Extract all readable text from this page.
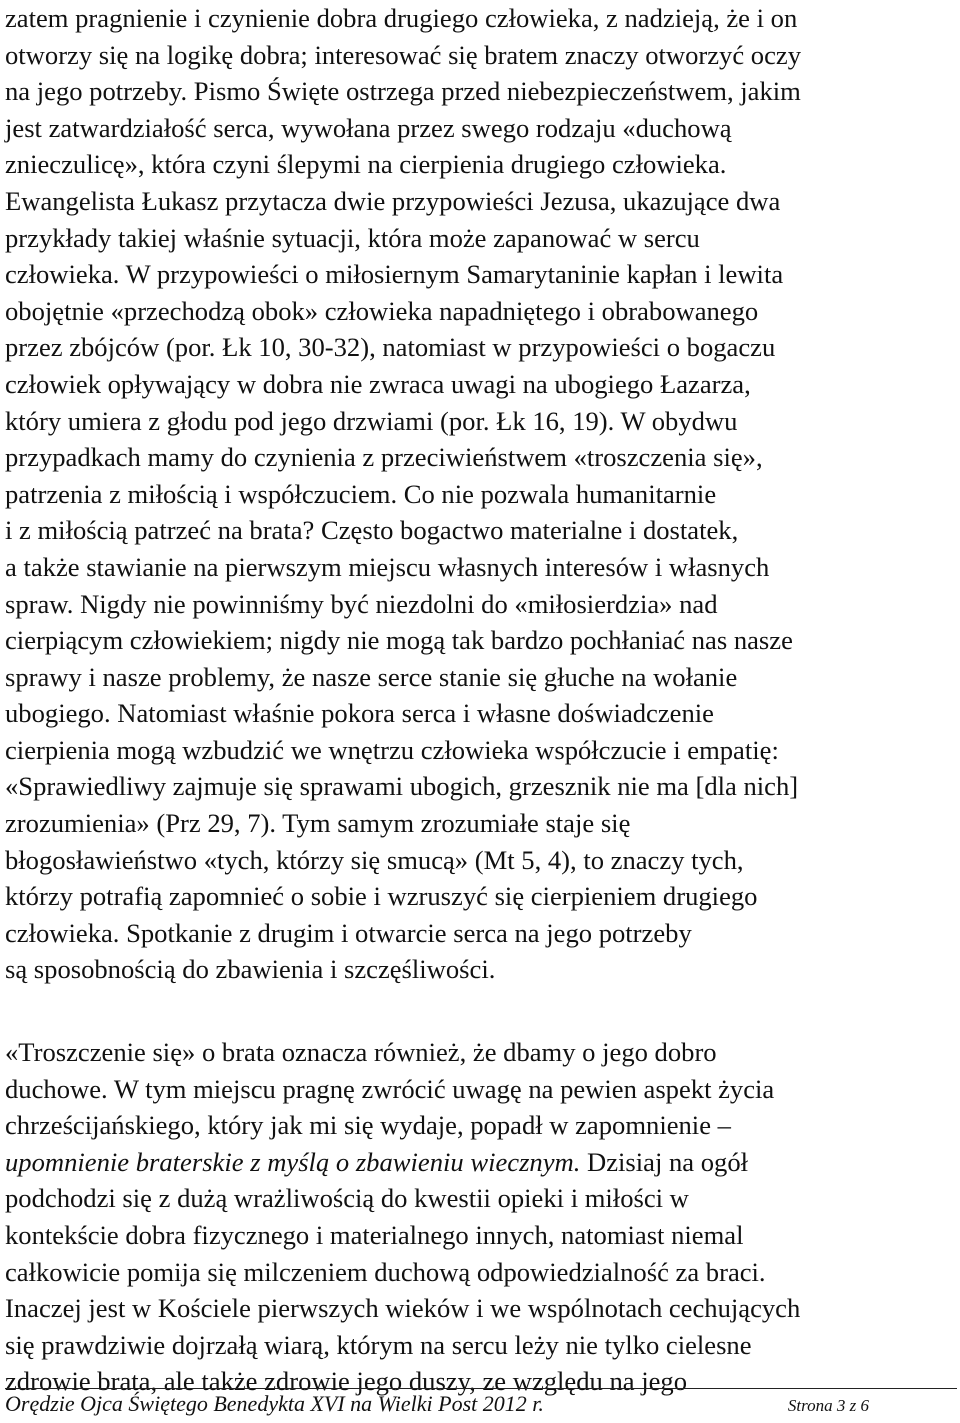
zatem pragnienie i czynienie dobra drugiego człowieka, z nadzieją, że i on
otworzy się na logikę dobra; interesować się bratem znaczy otworzyć oczy
na jego potrzeby. Pismo Święte ostrzega przed niebezpieczeństwem, jakim
jest zatwardziałość serca, wywołana przez swego rodzaju «duchową
znieczulicę», która czyni ślepymi na cierpienia drugiego człowieka.
Ewangelista Łukasz przytacza dwie przypowieści Jezusa, ukazujące dwa
przykłady takiej właśnie sytuacji, która może zapanować w sercu
człowieka. W przypowieści o miłosiernym Samarytaninie kapłan i lewita
obojętnie «przechodzą obok» człowieka napadniętego i obrabowanego
przez zbójców (por. Łk 10, 30-32), natomiast w przypowieści o bogaczu
człowiek opływający w dobra nie zwraca uwagi na ubogiego Łazarza,
który umiera z głodu pod jego drzwiami (por. Łk 16, 19). W obydwu
przypadkach mamy do czynienia z przeciwieństwem «troszczenia się»,
patrzenia z miłością i współczuciem. Co nie pozwala humanitarnie
i z miłością patrzeć na brata? Często bogactwo materialne i dostatek,
a także stawianie na pierwszym miejscu własnych interesów i własnych
spraw. Nigdy nie powinniśmy być niezdolni do «miłosierdzia» nad
cierpiącym człowiekiem; nigdy nie mogą tak bardzo pochłaniać nas nasze
sprawy i nasze problemy, że nasze serce stanie się głuche na wołanie
ubogiego. Natomiast właśnie pokora serca i własne doświadczenie
cierpienia mogą wzbudzić we wnętrzu człowieka współczucie i empatię:
«Sprawiedliwy zajmuje się sprawami ubogich, grzesznik nie ma [dla nich]
zrozumienia» (Prz 29, 7). Tym samym zrozumiałe staje się
błogosławieństwo «tych, którzy się smucą» (Mt 5, 4), to znaczy tych,
którzy potrafią zapomnieć o sobie i wzruszyć się cierpieniem drugiego
człowieka. Spotkanie z drugim i otwarcie serca na jego potrzeby
są sposobnością do zbawienia i szczęśliwości.

«Troszczenie się» o brata oznacza również, że dbamy o jego dobro
duchowe. W tym miejscu pragnę zwrócić uwagę na pewien aspekt życia
chrześcijańskiego, który jak mi się wydaje, popadł w zapomnienie –
upomnienie braterskie z myślą o zbawieniu wiecznym. Dzisiaj na ogół
podchodzi się z dużą wrażliwością do kwestii opieki i miłości w
kontekście dobra fizycznego i materialnego innych, natomiast niemal
całkowicie pomija się milczeniem duchową odpowiedzialność za braci.
Inaczej jest w Kościele pierwszych wieków i we wspólnotach cechujących
się prawdziwie dojrzałą wiarą, którym na sercu leży nie tylko cielesne
zdrowie brata, ale także zdrowie jego duszy, ze względu na jego

Orędzie Ojca Świętego Benedykta XVI na Wielki Post 2012 r.	Strona 3 z 6
